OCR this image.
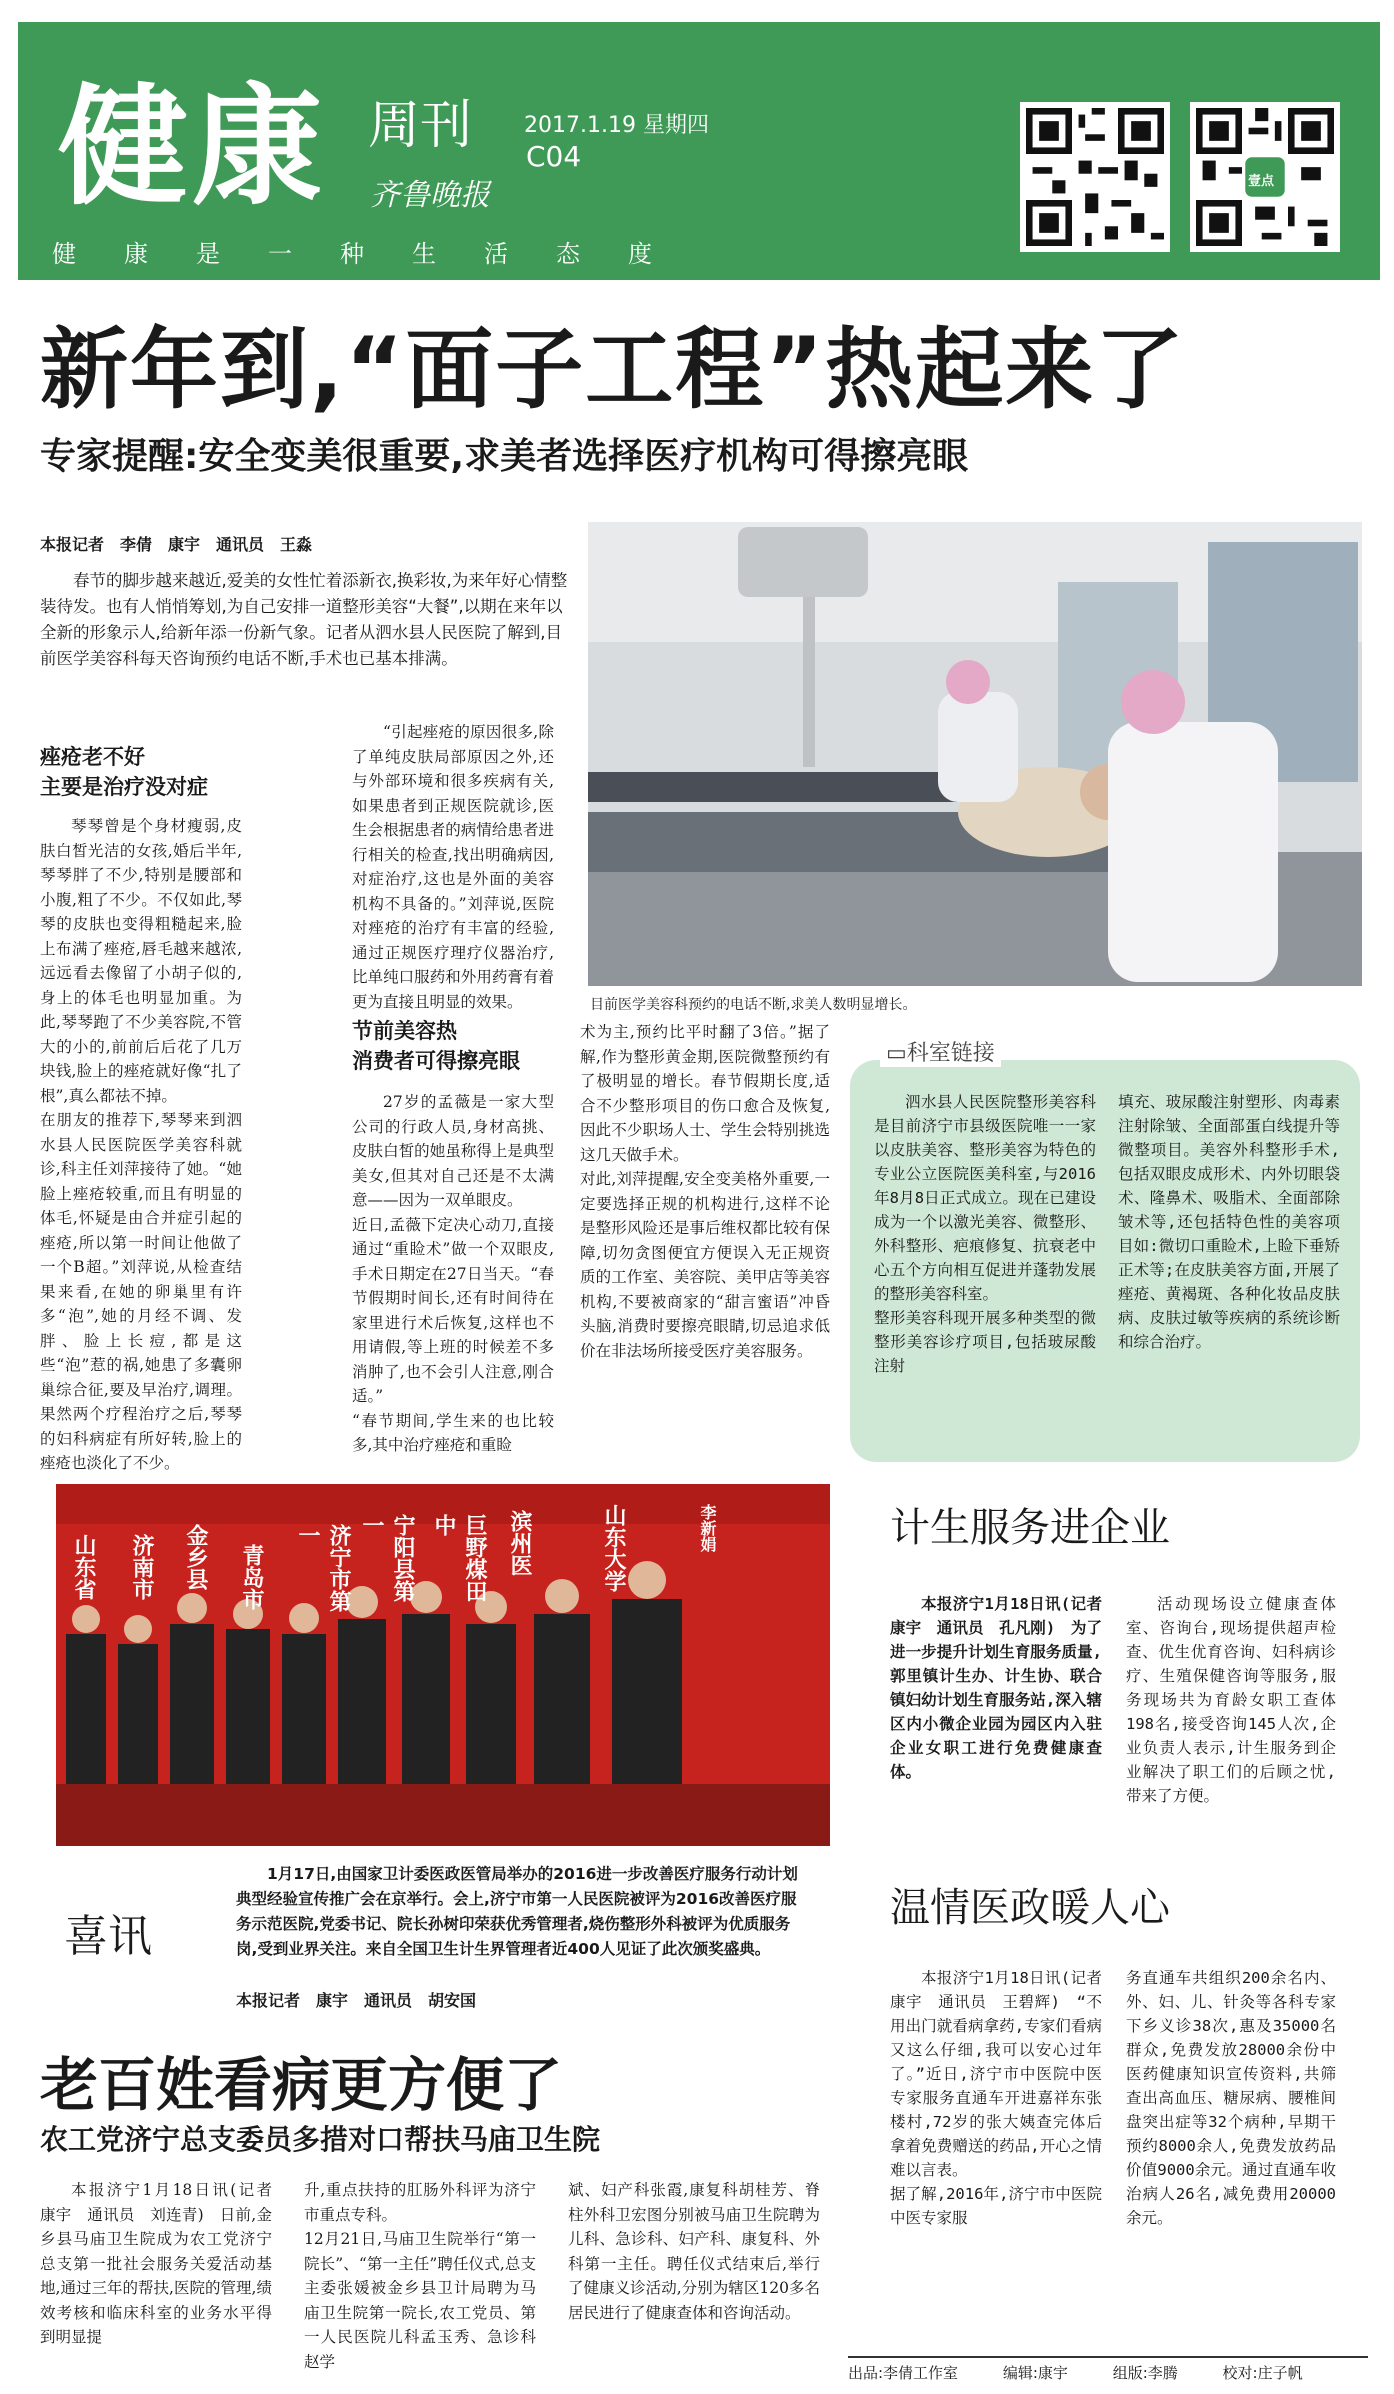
健康 周刊
齐鲁晚报
2017.1.19 星期四
C04
健康是一种生活态度
壹点
新年到,“面子工程”热起来了
专家提醒:安全变美很重要,求美者选择医疗机构可得擦亮眼
本报记者　李倩　康宇　通讯员　王淼
春节的脚步越来越近,爱美的女性忙着添新衣,换彩妆,为来年好心情整装待发。也有人悄悄筹划,为自己安排一道整形美容“大餐”,以期在来年以全新的形象示人,给新年添一份新气象。记者从泗水县人民医院了解到,目前医学美容科每天咨询预约电话不断,手术也已基本排满。
目前医学美容科预约的电话不断,求美人数明显增长。
痤疮老不好
主要是治疗没对症
琴琴曾是个身材瘦弱,皮肤白皙光洁的女孩,婚后半年,琴琴胖了不少,特别是腰部和小腹,粗了不少。不仅如此,琴琴的皮肤也变得粗糙起来,脸上布满了痤疮,唇毛越来越浓,远远看去像留了小胡子似的,身上的体毛也明显加重。为此,琴琴跑了不少美容院,不管大的小的,前前后后花了几万块钱,脸上的痤疮就好像“扎了根”,真么都祛不掉。
在朋友的推荐下,琴琴来到泗水县人民医院医学美容科就诊,科主任刘萍接待了她。“她脸上痤疮较重,而且有明显的体毛,怀疑是由合并症引起的痤疮,所以第一时间让他做了一个B超。”刘萍说,从检查结果来看,在她的卵巢里有许多“泡”,她的月经不调、发胖、脸上长痘,都是这些“泡”惹的祸,她患了多囊卵巢综合征,要及早治疗,调理。果然两个疗程治疗之后,琴琴的妇科病症有所好转,脸上的痤疮也淡化了不少。
“引起痤疮的原因很多,除了单纯皮肤局部原因之外,还与外部环境和很多疾病有关,如果患者到正规医院就诊,医生会根据患者的病情给患者进行相关的检查,找出明确病因,对症治疗,这也是外面的美容机构不具备的。”刘萍说,医院对痤疮的治疗有丰富的经验,通过正规医疗理疗仪器治疗,比单纯口服药和外用药膏有着更为直接且明显的效果。
节前美容热
消费者可得擦亮眼
27岁的孟薇是一家大型公司的行政人员,身材高挑、皮肤白皙的她虽称得上是典型美女,但其对自己还是不太满意——因为一双单眼皮。
近日,孟薇下定决心动刀,直接通过“重睑术”做一个双眼皮,手术日期定在27日当天。“春节假期时间长,还有时间待在家里进行术后恢复,这样也不用请假,等上班的时候差不多消肿了,也不会引人注意,刚合适。”
“春节期间,学生来的也比较多,其中治疗痤疮和重睑
术为主,预约比平时翻了3倍。”据了解,作为整形黄金期,医院微整预约有了极明显的增长。春节假期长度,适合不少整形项目的伤口愈合及恢复,因此不少职场人士、学生会特别挑选这几天做手术。
对此,刘萍提醒,安全变美格外重要,一定要选择正规的机构进行,这样不论是整形风险还是事后维权都比较有保障,切勿贪图便宜方便误入无正规资质的工作室、美容院、美甲店等美容机构,不要被商家的“甜言蜜语”冲昏头脑,消费时要擦亮眼睛,切忌追求低价在非法场所接受医疗美容服务。
▭科室链接
泗水县人民医院整形美容科是目前济宁市县级医院唯一一家以皮肤美容、整形美容为特色的专业公立医院医美科室,与2016年8月8日正式成立。现在已建设成为一个以激光美容、微整形、外科整形、疤痕修复、抗衰老中心五个方向相互促进并蓬勃发展的整形美容科室。
整形美容科现开展多种类型的微整形美容诊疗项目,包括玻尿酸注射
填充、玻尿酸注射塑形、肉毒素注射除皱、全面部蛋白线提升等微整项目。美容外科整形手术,包括双眼皮成形术、内外切眼袋术、隆鼻术、吸脂术、全面部除皱术等,还包括特色性的美容项目如:微切口重睑术,上睑下垂矫正术等;在皮肤美容方面,开展了痤疮、黄褐斑、各种化妆品皮肤病、皮肤过敏等疾病的系统诊断和综合治疗。
山东省 济南市 金乡县 青岛市	济宁市第一	宁阳县第一	巨野煤田中	滨州医	山东大学	李新娟
喜讯
1月17日,由国家卫计委医政医管局举办的2016进一步改善医疗服务行动计划典型经验宣传推广会在京举行。会上,济宁市第一人民医院被评为2016改善医疗服务示范医院,党委书记、院长孙树印荣获优秀管理者,烧伤整形外科被评为优质服务岗,受到业界关注。来自全国卫生计生界管理者近400人见证了此次颁奖盛典。
本报记者　康宇　通讯员　胡安国
计生服务进企业
本报济宁1月18日讯(记者　康宇　通讯员　孔凡刚)　为了进一步提升计划生育服务质量,郭里镇计生办、计生协、联合镇妇幼计划生育服务站,深入辖区内小微企业园为园区内入驻企业女职工进行免费健康查体。
活动现场设立健康查体室、咨询台,现场提供超声检查、优生优育咨询、妇科病诊疗、生殖保健咨询等服务,服务现场共为育龄女职工查体198名,接受咨询145人次,企业负责人表示,计生服务到企业解决了职工们的后顾之忧,带来了方便。
温情医政暖人心
本报济宁1月18日讯(记者　康宇　通讯员　王碧辉)　“不用出门就看病拿药,专家们看病又这么仔细,我可以安心过年了。”近日,济宁市中医院中医专家服务直通车开进嘉祥东张楼村,72岁的张大姨查完体后拿着免费赠送的药品,开心之情难以言表。
据了解,2016年,济宁市中医院中医专家服
务直通车共组织200余名内、外、妇、儿、针灸等各科专家下乡义诊38次,惠及35000名群众,免费发放28000余份中医药健康知识宣传资料,共筛查出高血压、糖尿病、腰椎间盘突出症等32个病种,早期干预约8000余人,免费发放药品价值9000余元。通过直通车收治病人26名,减免费用20000余元。
老百姓看病更方便了
农工党济宁总支委员多措对口帮扶马庙卫生院
本报济宁1月18日讯(记者　康宇　通讯员　刘连青)　日前,金乡县马庙卫生院成为农工党济宁总支第一批社会服务关爱活动基地,通过三年的帮扶,医院的管理,绩效考核和临床科室的业务水平得到明显提
升,重点扶持的肛肠外科评为济宁市重点专科。
12月21日,马庙卫生院举行“第一院长”、“第一主任”聘任仪式,总支主委张媛被金乡县卫计局聘为马庙卫生院第一院长,农工党员、第一人民医院儿科孟玉秀、急诊科赵学
斌、妇产科张霞,康复科胡桂芳、脊柱外科卫宏图分别被马庙卫生院聘为儿科、急诊科、妇产科、康复科、外科第一主任。聘任仪式结束后,举行了健康义诊活动,分别为辖区120多名居民进行了健康查体和咨询活动。
出品:李倩工作室	编辑:康宇	组版:李腾	校对:庄子帆
